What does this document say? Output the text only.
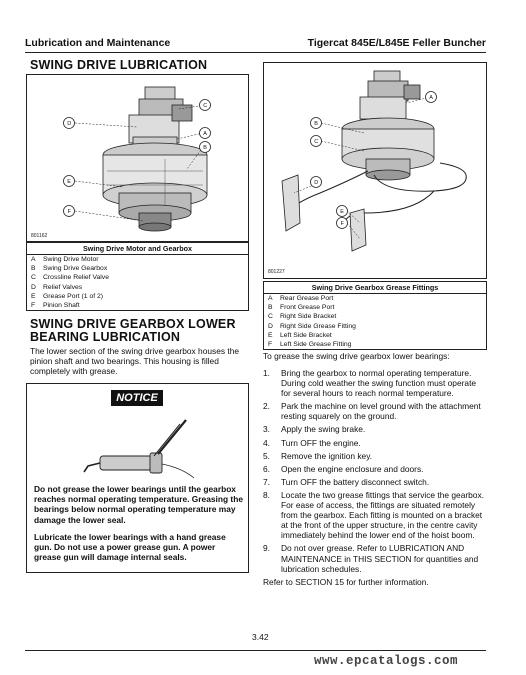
Lubrication and Maintenance	Tigercat 845E/L845E Feller Buncher
SWING DRIVE LUBRICATION
C
D
A
B
E
F
801162
Swing Drive Motor and Gearbox
A Swing Drive Motor
B Swing Drive Gearbox
C Crossline Relief Valve
D Relief Valves
E Grease Port (1 of 2)
F Pinion Shaft
SWING DRIVE GEARBOX LOWER
BEARING LUBRICATION
The lower section of the swing drive gearbox houses the pinion shaft and two bearings. This housing is filled completely with grease.
NOTICE
Do not grease the lower bearings until the gearbox reaches normal operating temperature. Greasing the bearings below normal operating temperature may damage the lower seal.
Lubricate the lower bearings with a hand grease gun. Do not use a power grease gun. A power grease gun will damage internal seals.
A
B
C
D
E
F
801227
Swing Drive Gearbox Grease Fittings
A Rear Grease Port
B Front Grease Port
C Right Side Bracket
D Right Side Grease Fitting
E Left Side Bracket
F Left Side Grease Fitting
To grease the swing drive gearbox lower bearings:
1. Bring the gearbox to normal operating temperature. During cold weather the swing function must operate for several hours to reach normal temperature.
2. Park the machine on level ground with the attachment resting squarely on the ground.
3. Apply the swing brake.
4. Turn OFF the engine.
5. Remove the ignition key.
6. Open the engine enclosure and doors.
7. Turn OFF the battery disconnect switch.
8. Locate the two grease fittings that service the gearbox. For ease of access, the fittings are situated remotely from the gearbox. Each fitting is mounted on a bracket at the front of the upper structure, in the centre cavity immediately behind the lower end of the hoist boom.
9. Do not over grease. Refer to LUBRICATION AND MAINTENANCE in THIS SECTION for quantities and lubrication schedules.
Refer to SECTION 15 for further information.
3.42
www.epcatalogs.com
